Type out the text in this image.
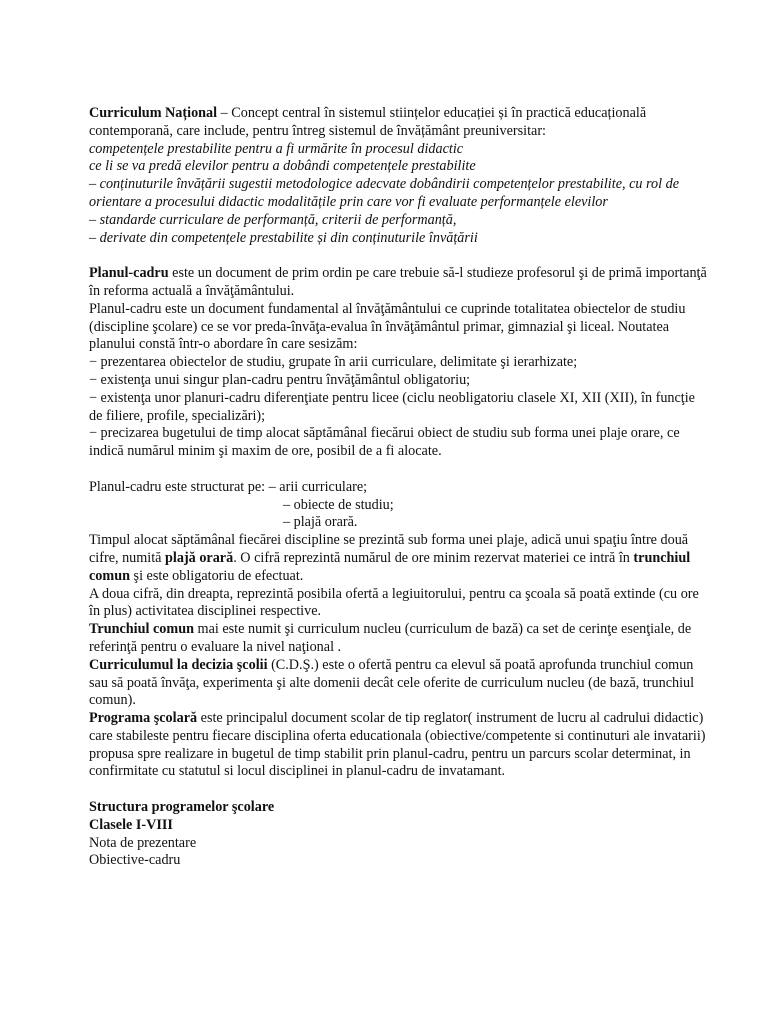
Curriculum Național – Concept central în sistemul stiințelor educației și în practică educațională contemporană, care include, pentru întreg sistemul de învățământ preuniversitar:

competențele prestabilite pentru a fi urmărite în procesul didactic

ce li se va predă elevilor pentru a dobândi competențele prestabilite

– conținuturile învățării sugestii metodologice adecvate dobândirii competențelor prestabilite, cu rol de orientare a procesului didactic modalitățile prin care vor fi evaluate performanțele elevilor

– standarde curriculare de performanță, criterii de performanță,

– derivate din competențele prestabilite și din conținuturile învățării

Planul-cadru este un document de prim ordin pe care trebuie să-l studieze profesorul şi de primă importanţă în reforma actuală a învăţământului.

Planul-cadru este un document fundamental al învăţământului ce cuprinde totalitatea obiectelor de studiu (discipline şcolare) ce se vor preda-învăţa-evalua în învăţământul primar, gimnazial şi liceal. Noutatea planului constă într-o abordare în care sesizăm:

− prezentarea obiectelor de studiu, grupate în arii curriculare, delimitate şi ierarhizate;

− existenţa unui singur plan-cadru pentru învăţământul obligatoriu;

− existenţa unor planuri-cadru diferenţiate pentru licee (ciclu neobligatoriu clasele XI, XII (XII), în funcţie de filiere, profile, specializări);

− precizarea bugetului de timp alocat săptămânal fiecărui obiect de studiu sub forma unei plaje orare, ce indică numărul minim şi maxim de ore, posibil de a fi alocate.

Planul-cadru este structurat pe: – arii curriculare;
– obiecte de studiu;
– plajă orară.

Timpul alocat săptămânal fiecărei discipline se prezintă sub forma unei plaje, adică unui spaţiu între două cifre, numită plajă orară. O cifră reprezintă numărul de ore minim rezervat materiei ce intră în trunchiul comun şi este obligatoriu de efectuat.

A doua cifră, din dreapta, reprezintă posibila ofertă a legiuitorului, pentru ca şcoala să poată extinde (cu ore în plus) activitatea disciplinei respective.

Trunchiul comun mai este numit şi curriculum nucleu (curriculum de bază) ca set de cerinţe esenţiale, de referinţă pentru o evaluare la nivel naţional .

Curriculumul la decizia şcolii (C.D.Ş.) este o ofertă pentru ca elevul să poată aprofunda trunchiul comun sau să poată învăţa, experimenta şi alte domenii decât cele oferite de curriculum nucleu (de bază, trunchiul comun).

Programa şcolară este principalul document scolar de tip reglator( instrument de lucru al cadrului didactic) care stabileste pentru fiecare disciplina oferta educationala (obiective/competente si continuturi ale invatarii) propusa spre realizare in bugetul de timp stabilit prin planul-cadru, pentru un parcurs scolar determinat, in confirmitate cu statutul si locul disciplinei in planul-cadru de invatamant.

Structura programelor şcolare

Clasele I-VIII

Nota de prezentare

Obiective-cadru
